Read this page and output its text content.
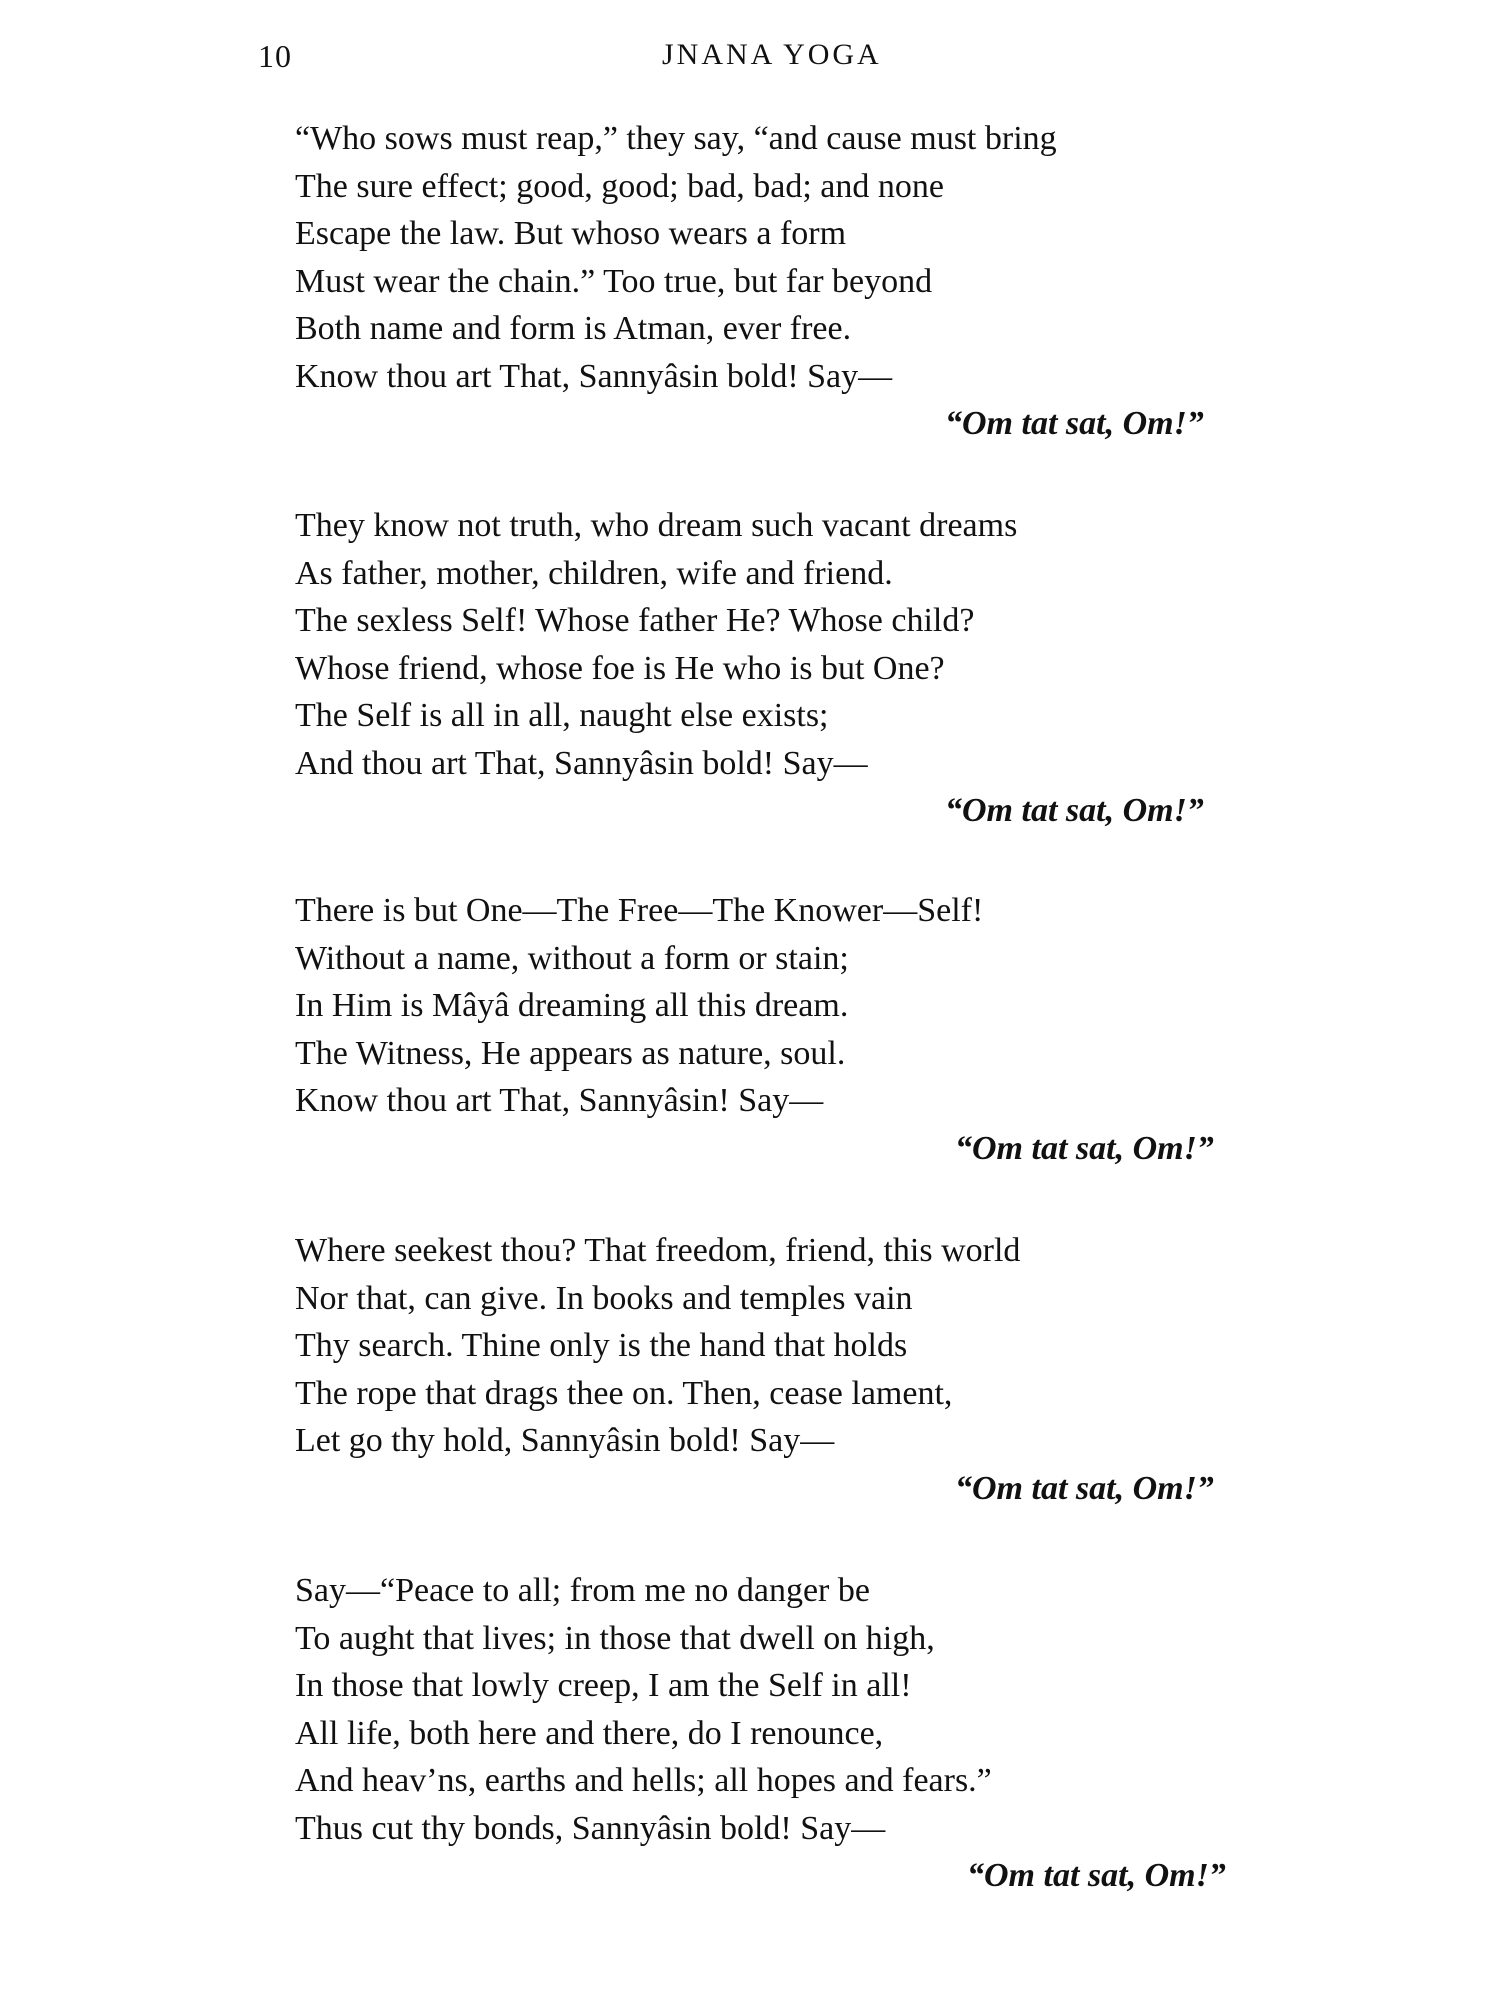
10	JNANA YOGA
“Who sows must reap,” they say, “and cause must bring
The sure effect; good, good; bad, bad; and none
Escape the law. But whoso wears a form
Must wear the chain.” Too true, but far beyond
Both name and form is Atman, ever free.
Know thou art That, Sannyâsin bold! Say—
“Om tat sat, Om!”
They know not truth, who dream such vacant dreams
As father, mother, children, wife and friend.
The sexless Self! Whose father He? Whose child?
Whose friend, whose foe is He who is but One?
The Self is all in all, naught else exists;
And thou art That, Sannyâsin bold! Say—
“Om tat sat, Om!”
There is but One—The Free—The Knower—Self!
Without a name, without a form or stain;
In Him is Mâyâ dreaming all this dream.
The Witness, He appears as nature, soul.
Know thou art That, Sannyâsin! Say—
“Om tat sat, Om!”
Where seekest thou? That freedom, friend, this world
Nor that, can give. In books and temples vain
Thy search. Thine only is the hand that holds
The rope that drags thee on. Then, cease lament,
Let go thy hold, Sannyâsin bold! Say—
“Om tat sat, Om!”
Say—“Peace to all; from me no danger be
To aught that lives; in those that dwell on high,
In those that lowly creep, I am the Self in all!
All life, both here and there, do I renounce,
And heav’ns, earths and hells; all hopes and fears.”
Thus cut thy bonds, Sannyâsin bold! Say—
“Om tat sat, Om!”
